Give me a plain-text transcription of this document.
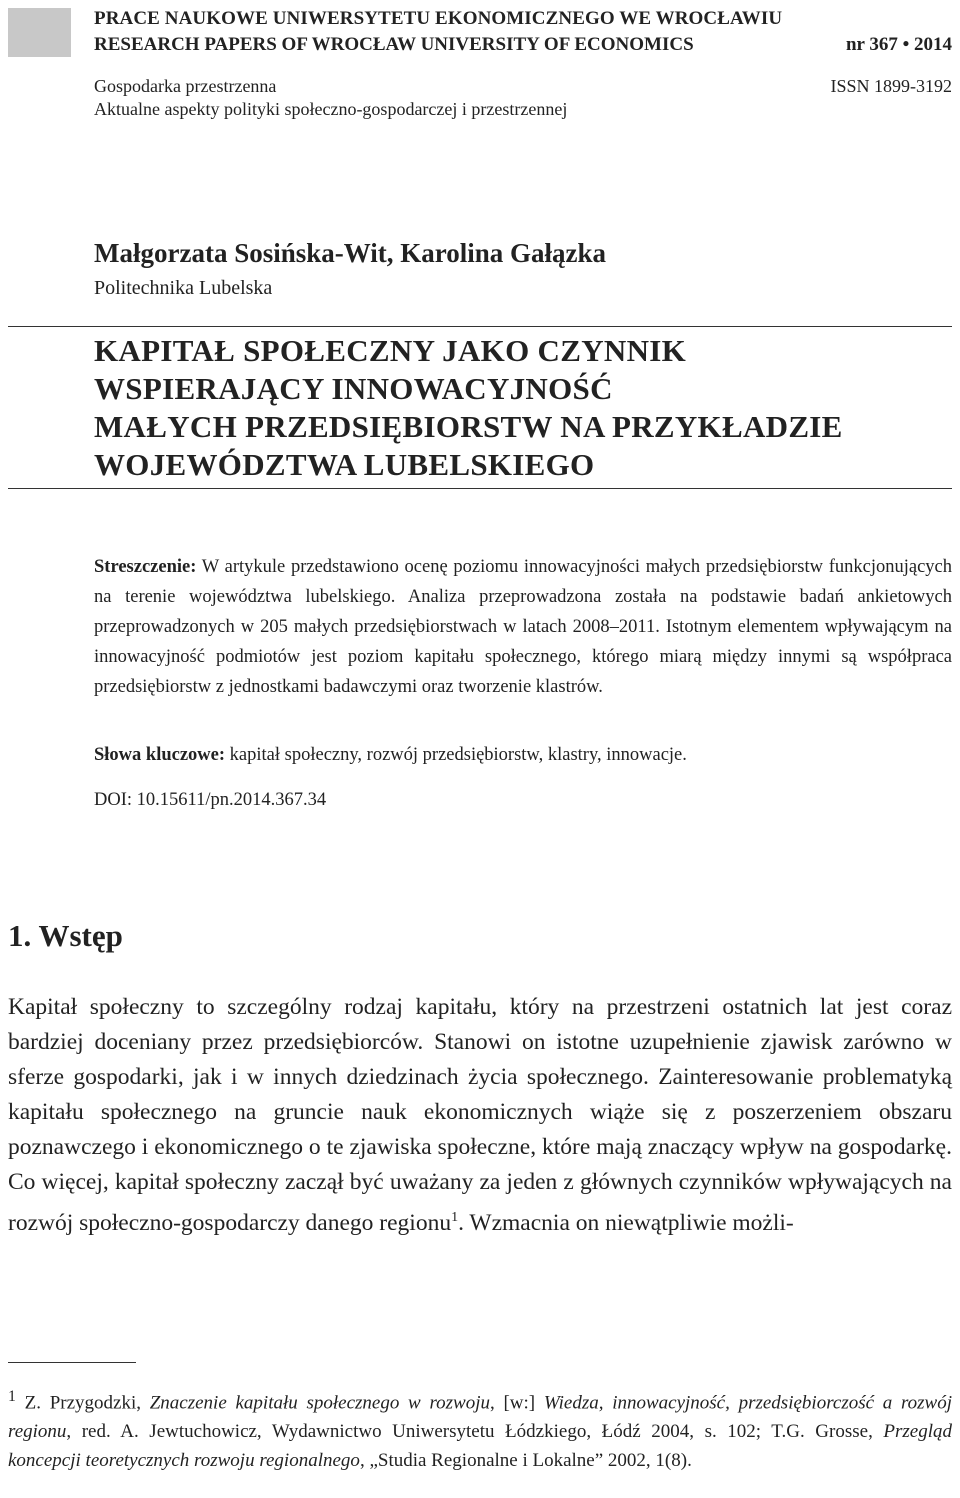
PRACE NAUKOWE UNIWERSYTETU EKONOMICZNEGO WE WROCŁAWIU
RESEARCH PAPERS OF WROCŁAW UNIVERSITY OF ECONOMICS	nr 367 • 2014
Gospodarka przestrzenna	ISSN 1899-3192
Aktualne aspekty polityki społeczno-gospodarczej i przestrzennej
Małgorzata Sosińska-Wit, Karolina Gałązka
Politechnika Lubelska
KAPITAŁ SPOŁECZNY JAKO CZYNNIK
WSPIERAJĄCY INNOWACYJNOŚĆ
MAŁYCH PRZEDSIĘBIORSTW NA PRZYKŁADZIE
WOJEWÓDZTWA LUBELSKIEGO
Streszczenie: W artykule przedstawiono ocenę poziomu innowacyjności małych przedsiębiorstw funkcjonujących na terenie województwa lubelskiego. Analiza przeprowadzona została na podstawie badań ankietowych przeprowadzonych w 205 małych przedsiębiorstwach w latach 2008–2011. Istotnym elementem wpływającym na innowacyjność podmiotów jest poziom kapitału społecznego, którego miarą między innymi są współpraca przedsiębiorstw z jednostkami badawczymi oraz tworzenie klastrów.
Słowa kluczowe: kapitał społeczny, rozwój przedsiębiorstw, klastry, innowacje.
DOI: 10.15611/pn.2014.367.34
1. Wstęp
Kapitał społeczny to szczególny rodzaj kapitału, który na przestrzeni ostatnich lat jest coraz bardziej doceniany przez przedsiębiorców. Stanowi on istotne uzupełnienie zjawisk zarówno w sferze gospodarki, jak i w innych dziedzinach życia społecznego. Zainteresowanie problematyką kapitału społecznego na gruncie nauk ekonomicznych wiąże się z poszerzeniem obszaru poznawczego i ekonomicznego o te zjawiska społeczne, które mają znaczący wpływ na gospodarkę. Co więcej, kapitał społeczny zaczął być uważany za jeden z głównych czynników wpływających na rozwój społeczno-gospodarczy danego regionu$^1$. Wzmacnia on niewątpliwie możli-
$^1$ Z. Przygodzki, Znaczenie kapitału społecznego w rozwoju, [w:] Wiedza, innowacyjność, przedsiębiorczość a rozwój regionu, red. A. Jewtuchowicz, Wydawnictwo Uniwersytetu Łódzkiego, Łódź 2004, s. 102; T.G. Grosse, Przegląd koncepcji teoretycznych rozwoju regionalnego, „Studia Regionalne i Lokalne” 2002, 1(8).
